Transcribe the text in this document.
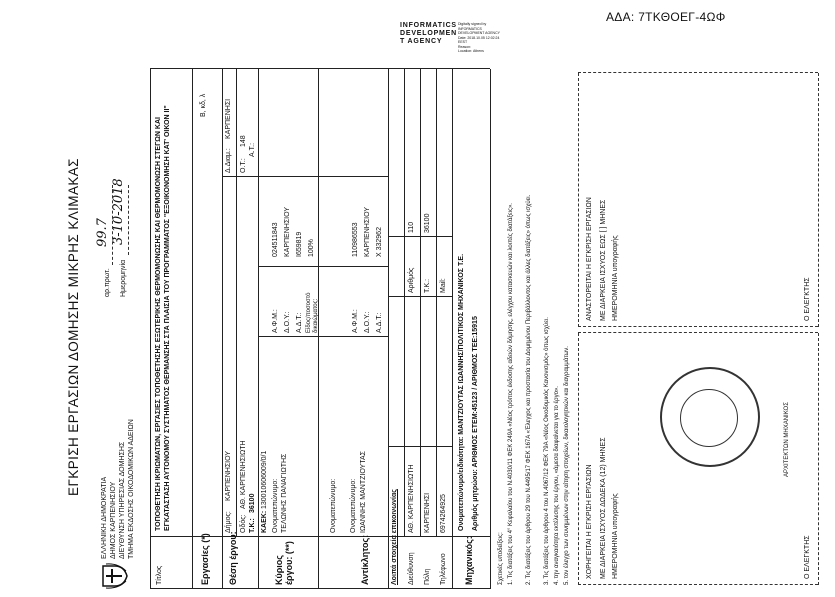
ΑΔΑ: 7ΤΚΘΟΕΓ-4ΩΦ
INFORMATICS
DEVELOPMEN
T AGENCY
Digitally signed by
INFORMATICS
DEVELOPMENT AGENCY
Date: 2018.10.05 12:02:24
EEST
Reason:
Location: Athens
ΕΓΚΡΙΣΗ ΕΡΓΑΣΙΩΝ ΔΟΜΗΣΗΣ ΜΙΚΡΗΣ ΚΛΙΜΑΚΑΣ
ΕΛΛΗΝΙΚΗ ΔΗΜΟΚΡΑΤΙΑ ΔΗΜΟΣ ΚΑΡΠΕΝΗΣΙΟΥ ΔΙΕΥΘΥΝΣΗ ΥΠΗΡΕΣΙΑΣ ΔΟΜΗΣΗΣ ΤΜΗΜΑ ΕΚΔΟΣΗΣ ΟΙΚΟΔΟΜΙΚΩΝ ΑΔΕΙΩΝ
αρ.πρωτ.
99.7
Ημερομηνία
3-10-2018
Τίτλος
ΤΟΠΟΘΕΤΗΣΗ ΙΚΡΙΩΜΑΤΩΝ, ΕΡΓΑΣΙΕΣ ΤΟΠΟΘΕΤΗΣΗΣ ΕΞΩΤΕΡΙΚΗΣ ΘΕΡΜΟΜΟΝΩΣΗΣ ΚΑΙ ΘΕΡΜΟΜΟΝΩΣΗ ΣΤΕΓΩΝ ΚΑΙ ΕΓΚΑΤΑΣΤΑΣΗ ΑΥΤΟΝΟΜΟΥ ΣΥΣΤΗΜΑΤΟΣ ΘΕΡΜΑΝΣΗΣ ΣΤΑ ΠΛΑΙΣΙΑ ΤΟΥ ΠΡΟΓΡΑΜΜΑΤΟΣ "ΕΞΟΙΚΟΝΟΜΗΣΗ ΚΑΤ' ΟΙΚΟΝ ΙΙ"
Εργασίες (*)
Β, κδ, λ
Θέση έργου:
Δήμος:
ΚΑΡΠΕΝΗΣΙΟΥ
Δ.Διαμ.:
ΚΑΡΠΕΝΗΣΙ
Οδός:
ΑΘ. ΚΑΡΠΕΝΗΣΙΩΤΗ
Ο.Τ.:
148
Τ.Κ.:
36100
Α.Τ.:
ΚΑΕΚ:
130010606009/0/1
Κύριος έργου: (**)
Ονοματεπώνυμο: ΤΕΛΩΝΗΣ ΠΑΝΑΓΙΩΤΗΣ
Α.Φ.Μ.:
024511843
Δ.Ο.Υ.:
ΚΑΡΠΕΝΗΣΙΟΥ
Α.Δ.Τ.:
I659819
Είδος/ποσοστό δικαιώματος:
100%
Ονοματεπώνυμο:
Αντίκλητος:
Ονοματεπώνυμο: ΙΩΑΝΝΗΣ ΜΑΝΤΖΙΟΥΤΑΣ
Α.Φ.Μ.:
110986553
Δ.Ο.Υ.:
ΚΑΡΠΕΝΗΣΙΟΥ
Α.Δ.Τ.:
Χ 332962
Λοιπά στοιχεία επικοινωνίας Διεύθυνση
ΑΘ. ΚΑΡΠΕΝΗΣΙΩΤΗ
Αριθμός
110
Πόλη
ΚΑΡΠΕΝΗΣΙ
Τ.Κ.:
36100
Τηλέφωνο
6974264925
Mail:
Μηχανικός:
Ονοματεπώνυμο/ειδικότητα: ΜΑΝΤΖΙΟΥΤΑΣ ΙΩΑΝΝΗΣ/ΠΟΛΙΤΙΚΟΣ ΜΗΧΑΝΙΚΟΣ Τ.Ε. Αριθμός μητρώου: ΑΡΙΘΜΟΣ ΕΤΕΜ:45123 / ΑΡΙΘΜΟΣ ΤΕΕ:15915
Σχετικές υποδείξεις: 1. Τις διατάξεις του 4° Κεφαλαίου του Ν.4030/11 ΦΕΚ 249Α «Νέος τρόπος έκδοσης αδειών δόμησης, ελέγχου κατασκευών και λοιπές διατάξεις». 2. Τις διατάξεις του άρθρου 29 του Ν.4495/17 ΦΕΚ 167Α «Έλεγχος και προστασία του Δομημένου Περιβάλλοντος και άλλες διατάξεις» όπως ισχύει. 3. Τις διατάξεις του άρθρου 4 του Ν.4067/12 ΦΕΚ 79Α «Νέος Οικοδομικός Κανονισμός» όπως ισχύει. 4. την αναγκαιότητα εκτέλεσης του έργου, «άμεσα διαφαίνεται για το έργο». 5. τον έλεγχο των συνημμένων στην αίτηση στοιχείων, δικαιολογητικών και διαγραμμάτων. ΧΟΡΗΓΕΙΤΑΙ Η ΕΓΚΡΙΣΗ ΕΡΓΑΣΙΩΝ ΜΕ ΔΙΑΡΚΕΙΑ ΙΣΧΥΟΣ ΔΩΔΕΚΑ (12) ΜΗΝΕΣ ΗΜΕΡΟΜΗΝΙΑ υπογραφής	Ο ΕΛΕΓΚΤΗΣ
ΑΡΧΙΤΕΚΤΩΝ ΜΗΧΑΝΙΚΟΣ
ΑΝΑΣΤΟΡΕΙΤΑΙ Η ΕΓΚΡΙΣΗ ΕΡΓΑΣΙΩΝ ΜΕ ΔΙΑΡΚΕΙΑ ΙΣΧΥΟΣ ΕΩΣ [ ] ΜΗΝΕΣ ΗΜΕΡΟΜΗΝΙΑ υπογραφής	Ο ΕΛΕΓΚΤΗΣ
